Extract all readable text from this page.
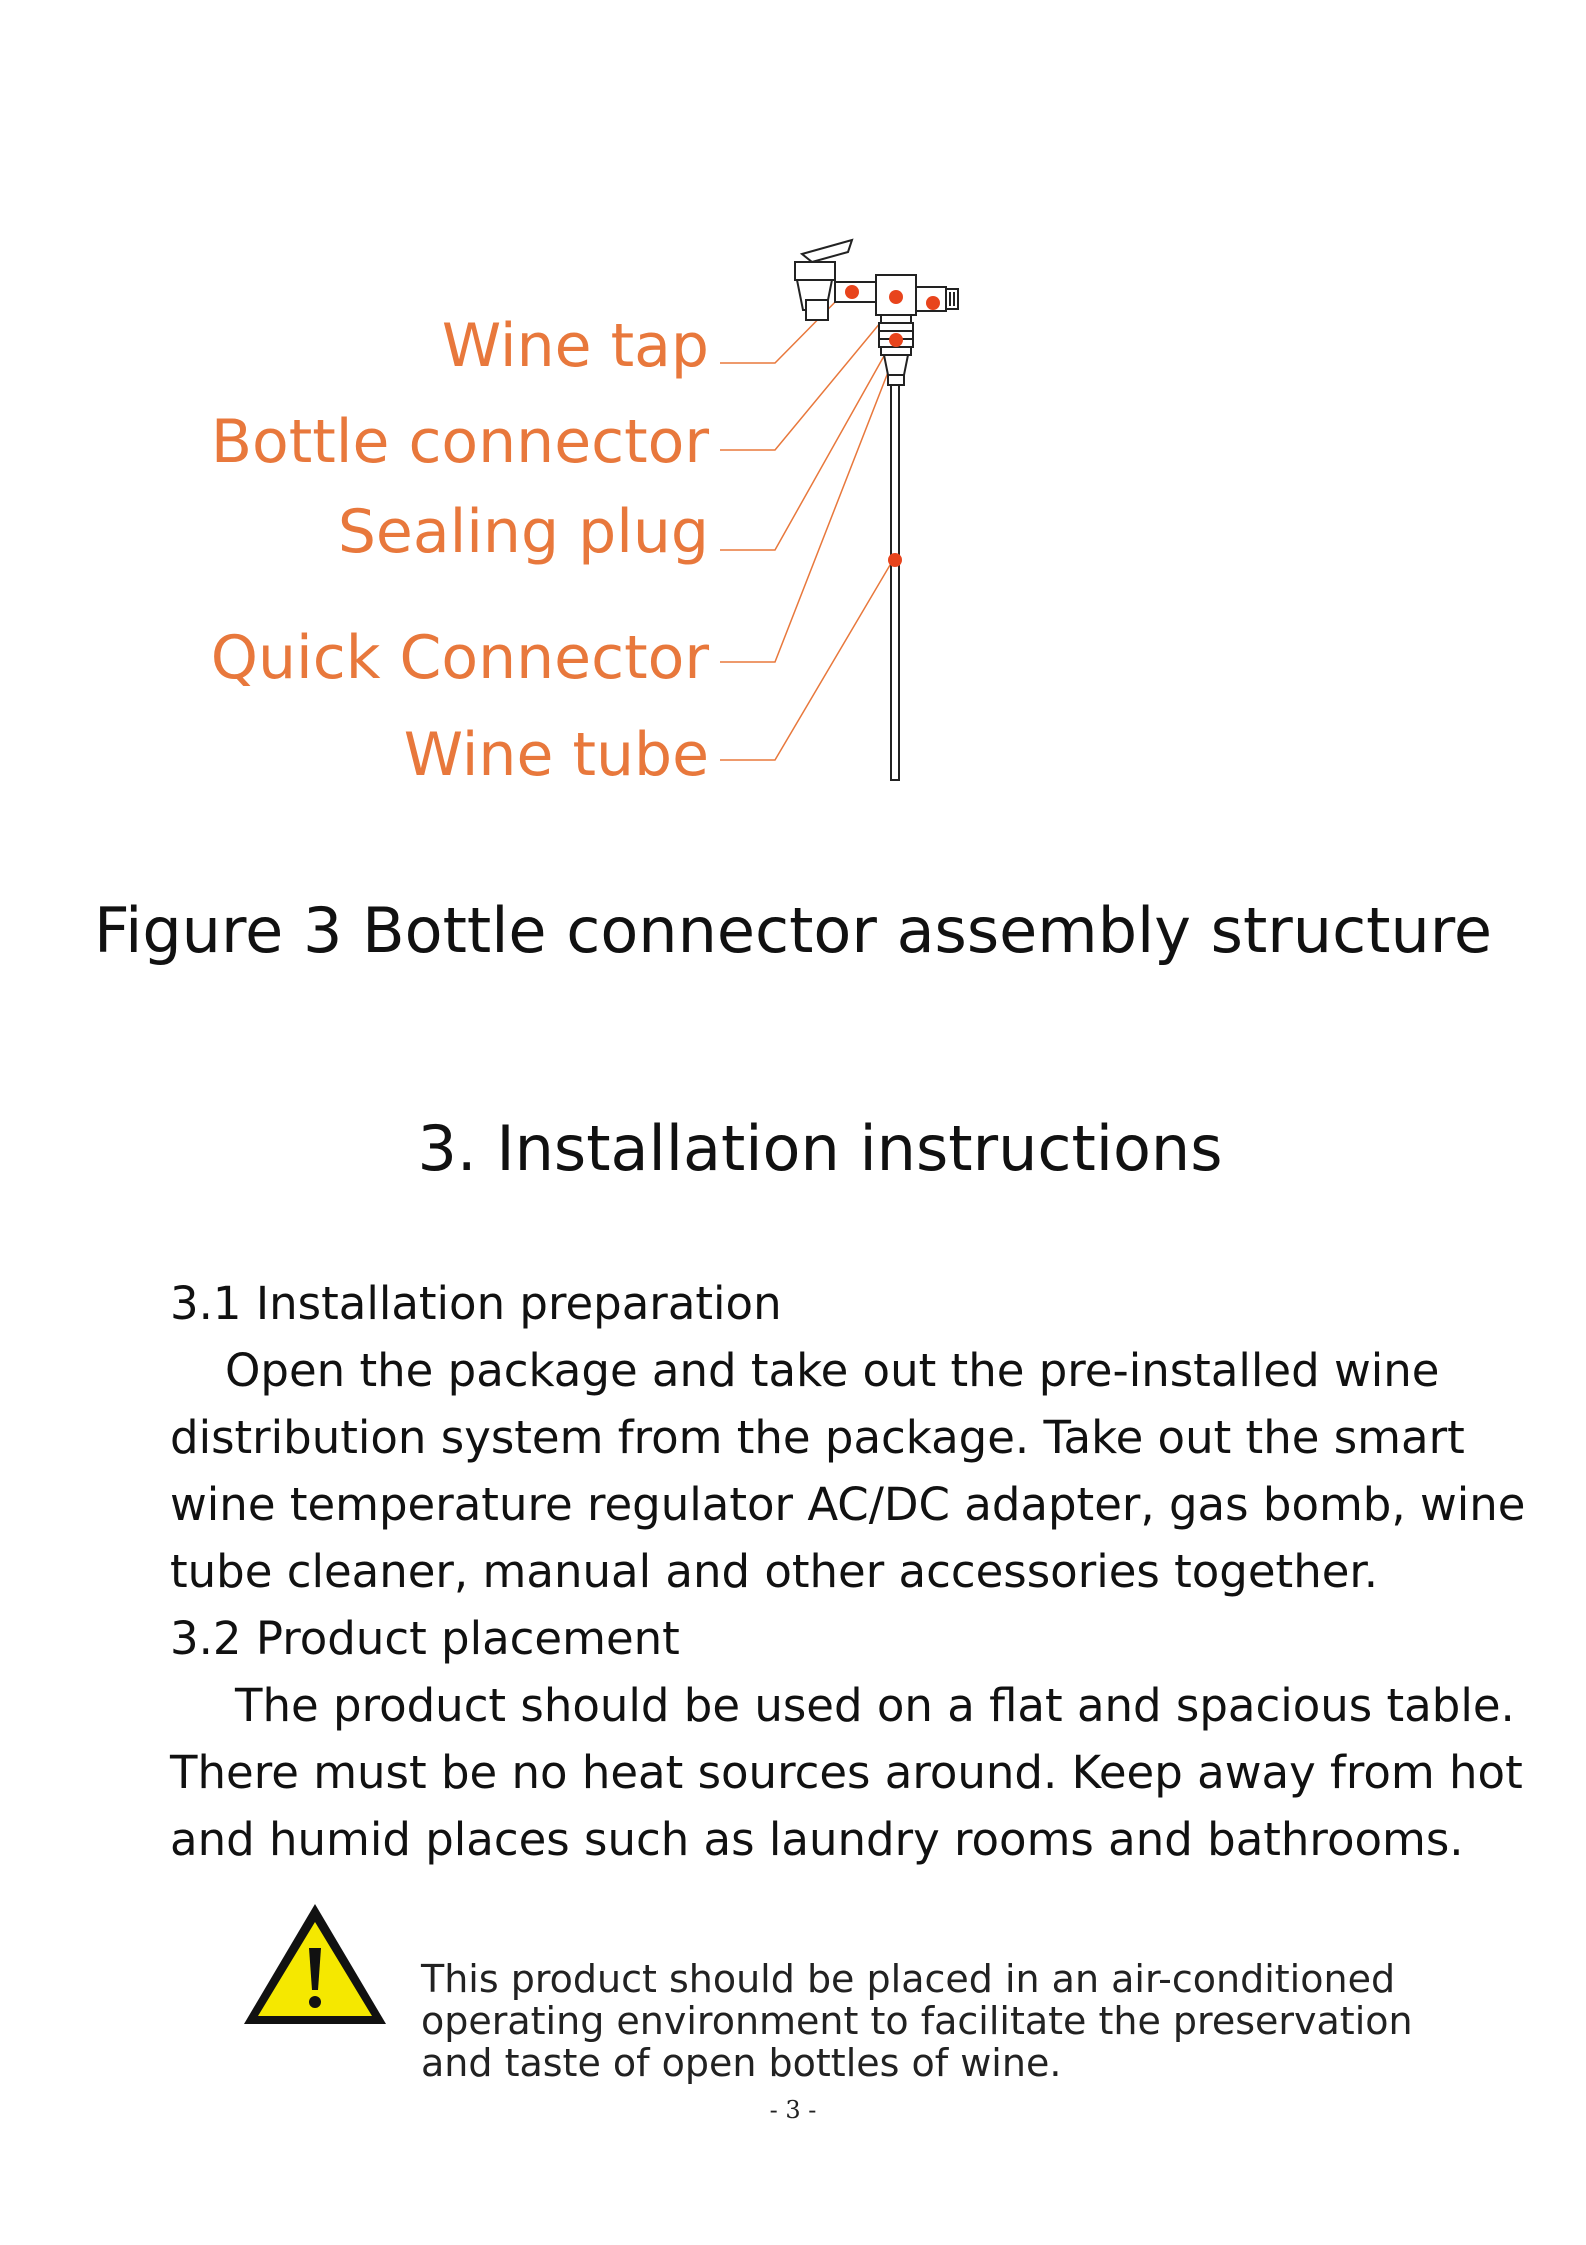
Wine tap
Bottle connector
Sealing plug
Quick Connector
Wine tube
Figure 3 Bottle connector assembly structure
3. Installation instructions

3.1 Installation preparation

Open the package and take out the pre-installed wine distribution system from the package. Take out the smart wine temperature regulator AC/DC adapter, gas bomb, wine tube cleaner, manual and other accessories together.

3.2 Product placement

The product should be used on a flat and spacious table. There must be no heat sources around. Keep away from hot and humid places such as laundry rooms and bathrooms.

This product should be placed in an air-conditioned operating environment to facilitate the preservation and taste of open bottles of wine.
- 3 -
